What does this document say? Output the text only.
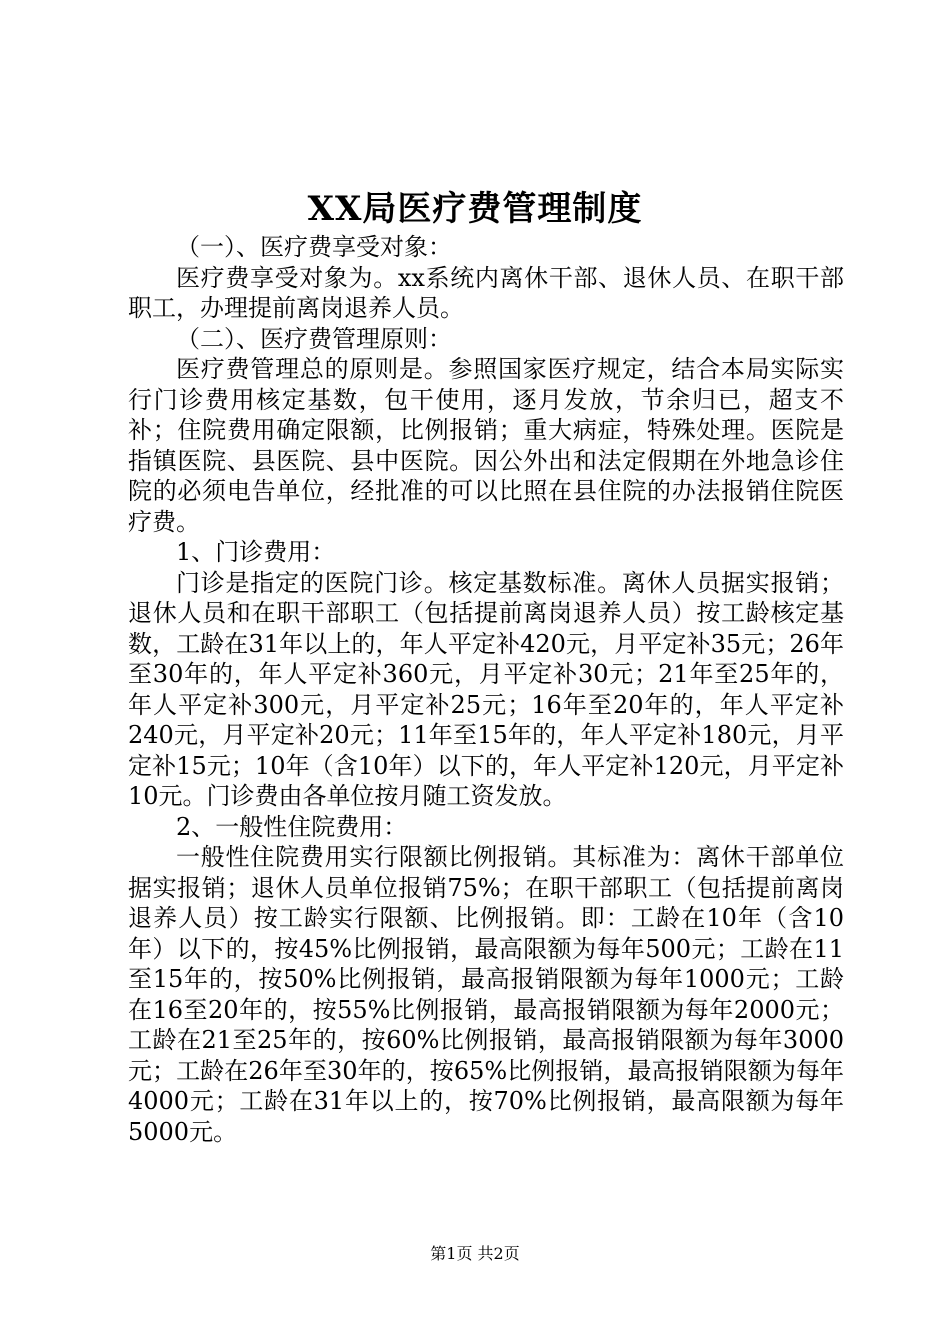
XX局医疗费管理制度

（一）、医疗费享受对象：

医疗费享受对象为。xx系统内离休干部、退休人员、在职干部职工，办理提前离岗退养人员。

（二）、医疗费管理原则：

医疗费管理总的原则是。参照国家医疗规定，结合本局实际实行门诊费用核定基数，包干使用，逐月发放，节余归已，超支不补；住院费用确定限额，比例报销；重大病症，特殊处理。医院是指镇医院、县医院、县中医院。因公外出和法定假期在外地急诊住院的必须电告单位，经批准的可以比照在县住院的办法报销住院医疗费。

1、门诊费用：

门诊是指定的医院门诊。核定基数标准。离休人员据实报销；退休人员和在职干部职工（包括提前离岗退养人员）按工龄核定基数，工龄在31年以上的，年人平定补420元，月平定补35元；26年至30年的，年人平定补360元，月平定补30元；21年至25年的，年人平定补300元，月平定补25元；16年至20年的，年人平定补240元，月平定补20元；11年至15年的，年人平定补180元，月平定补15元；10年（含10年）以下的，年人平定补120元，月平定补10元。门诊费由各单位按月随工资发放。

2、一般性住院费用：

一般性住院费用实行限额比例报销。其标准为：离休干部单位据实报销；退休人员单位报销75%；在职干部职工（包括提前离岗退养人员）按工龄实行限额、比例报销。即：工龄在10年（含10年）以下的，按45%比例报销，最高限额为每年500元；工龄在11至15年的，按50%比例报销，最高报销限额为每年1000元；工龄在16至20年的，按55%比例报销，最高报销限额为每年2000元；工龄在21至25年的，按60%比例报销，最高报销限额为每年3000元；工龄在26年至30年的，按65%比例报销，最高报销限额为每年4000元；工龄在31年以上的，按70%比例报销，最高限额为每年5000元。

第1页 共2页
